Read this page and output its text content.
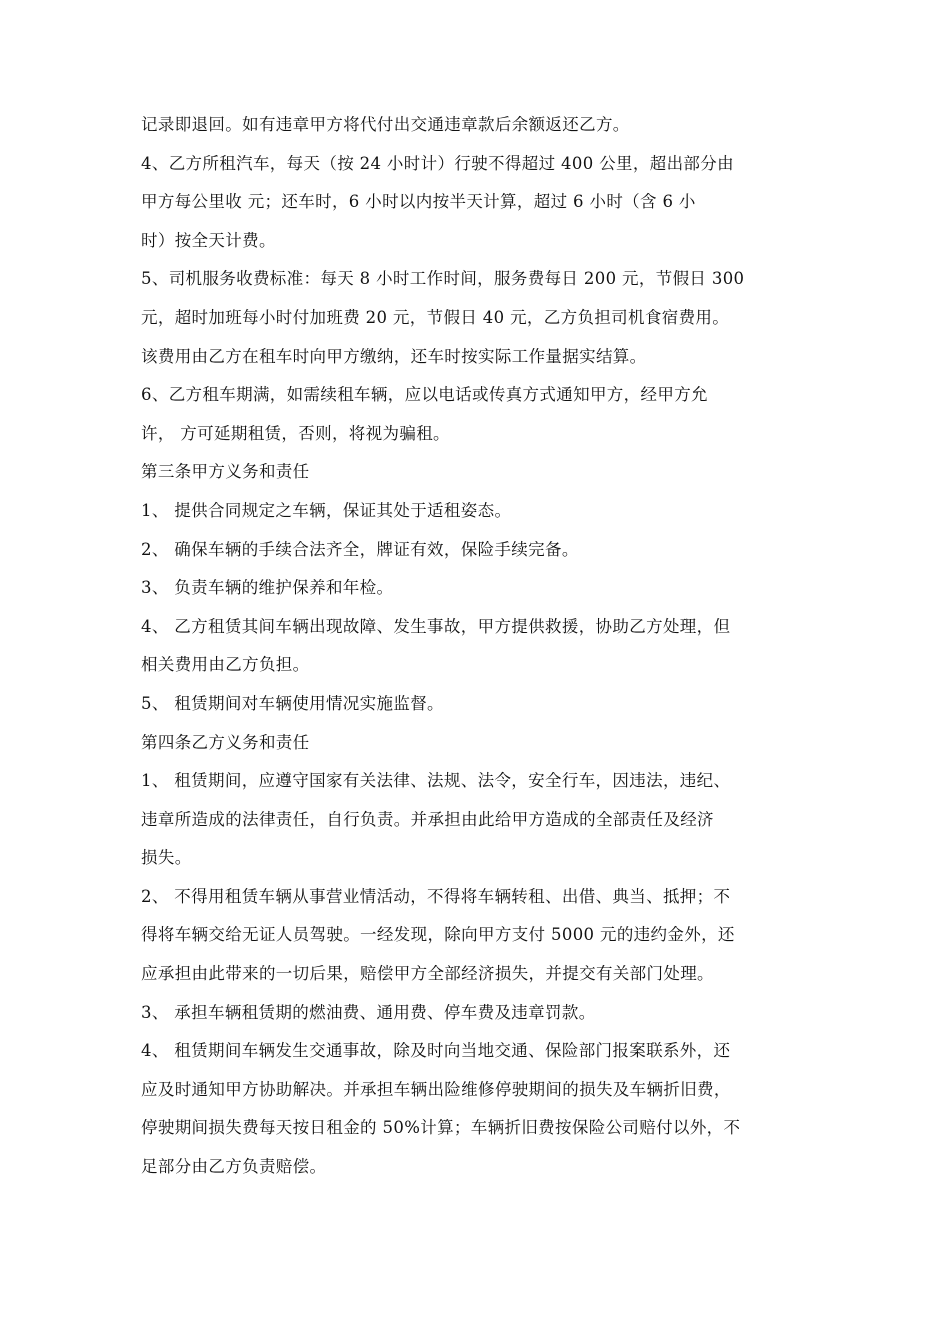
记录即退回。如有违章甲方将代付出交通违章款后余额返还乙方。
4、乙方所租汽车，每天（按 24 小时计）行驶不得超过 400 公里，超出部分由
甲方每公里收 元；还车时，6 小时以内按半天计算，超过 6 小时（含 6 小
时）按全天计费。
5、司机服务收费标准：每天 8 小时工作时间，服务费每日 200 元，节假日 300
元，超时加班每小时付加班费 20 元，节假日 40 元，乙方负担司机食宿费用。
该费用由乙方在租车时向甲方缴纳，还车时按实际工作量据实结算。
6、乙方租车期满，如需续租车辆，应以电话或传真方式通知甲方，经甲方允
许， 方可延期租赁，否则，将视为骗租。
第三条甲方义务和责任
1、 提供合同规定之车辆，保证其处于适租姿态。
2、 确保车辆的手续合法齐全，牌证有效，保险手续完备。
3、 负责车辆的维护保养和年检。
4、 乙方租赁其间车辆出现故障、发生事故，甲方提供救援，协助乙方处理，但
相关费用由乙方负担。
5、 租赁期间对车辆使用情况实施监督。
第四条乙方义务和责任
1、 租赁期间，应遵守国家有关法律、法规、法令，安全行车，因违法，违纪、
违章所造成的法律责任，自行负责。并承担由此给甲方造成的全部责任及经济
损失。
2、 不得用租赁车辆从事营业情活动，不得将车辆转租、出借、典当、抵押；不
得将车辆交给无证人员驾驶。一经发现，除向甲方支付 5000 元的违约金外，还
应承担由此带来的一切后果，赔偿甲方全部经济损失，并提交有关部门处理。
3、 承担车辆租赁期的燃油费、通用费、停车费及违章罚款。
4、 租赁期间车辆发生交通事故，除及时向当地交通、保险部门报案联系外，还
应及时通知甲方协助解决。并承担车辆出险维修停驶期间的损失及车辆折旧费，
停驶期间损失费每天按日租金的 50%计算；车辆折旧费按保险公司赔付以外，不
足部分由乙方负责赔偿。
